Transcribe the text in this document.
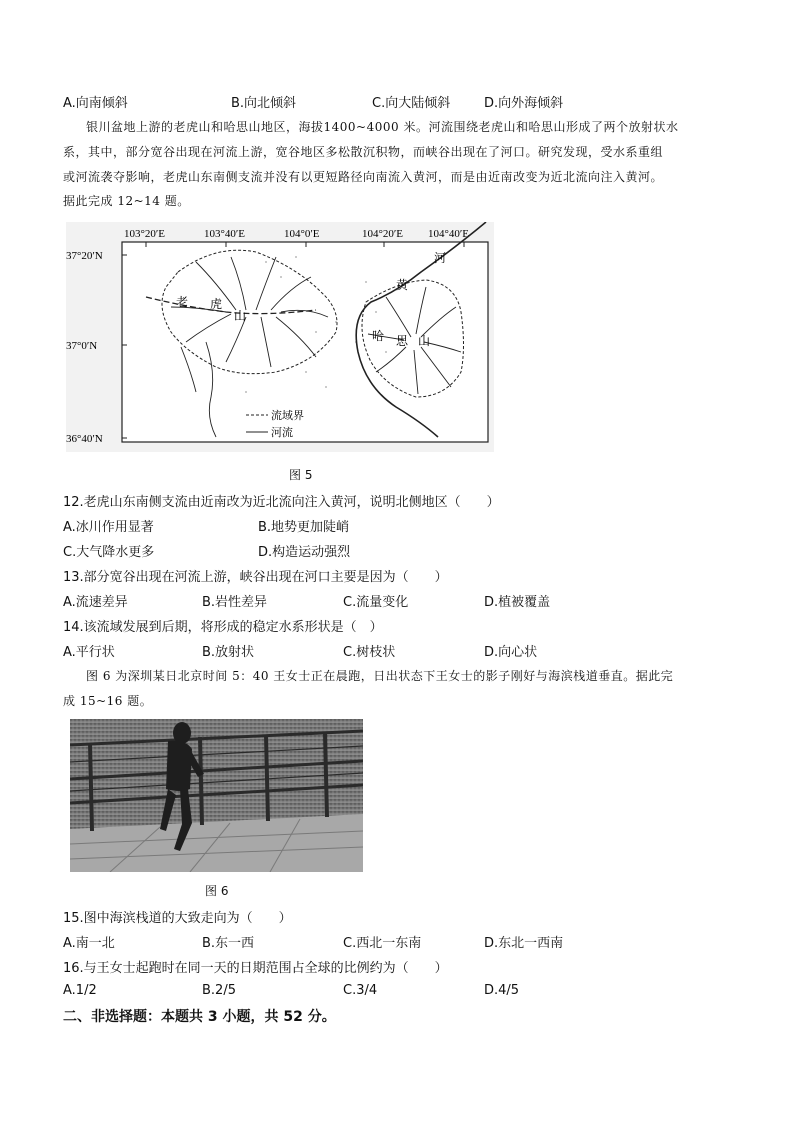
A.向南倾斜	B.向北倾斜	C.向大陆倾斜	D.向外海倾斜
银川盆地上游的老虎山和哈思山地区，海拔1400~4000 米。河流围绕老虎山和哈思山形成了两个放射状水
系，其中，部分宽谷出现在河流上游，宽谷地区多松散沉积物，而峡谷出现在了河口。研究发现，受水系重组
或河流袭夺影响，老虎山东南侧支流并没有以更短路径向南流入黄河，而是由近南改变为近北流向注入黄河。
据此完成 12~14 题。
103°20′E	103°40′E	104°0′E	104°20′E 104°40′E
37°20′N
37°0′N
36°40′N
老 虎
山
哈 思 山
黄
河
流域界
河流
图 5
12.老虎山东南侧支流由近南改为近北流向注入黄河，说明北侧地区（　　）
A.冰川作用显著	B.地势更加陡峭
C.大气降水更多	D.构造运动强烈
13.部分宽谷出现在河流上游，峡谷出现在河口主要是因为（　　）
A.流速差异	B.岩性差异	C.流量变化	D.植被覆盖
14.该流域发展到后期，将形成的稳定水系形状是（　）
A.平行状	B.放射状	C.树枝状	D.向心状
图 6 为深圳某日北京时间 5：40 王女士正在晨跑，日出状态下王女士的影子刚好与海滨栈道垂直。据此完
成 15~16 题。
图 6
15.图中海滨栈道的大致走向为（　　）
A.南一北	B.东一西	C.西北一东南	D.东北一西南
16.与王女士起跑时在同一天的日期范围占全球的比例约为（　　）
A.1/2	B.2/5	C.3/4	D.4/5
二、非选择题：本题共 3 小题，共 52 分。
